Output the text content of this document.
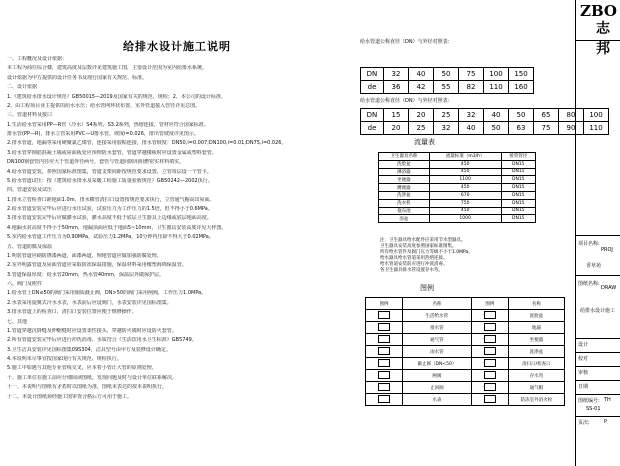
给排水设计施工说明
一、工程概况及设计依据：
本工程为商住综合楼，建筑高度及层数详见建筑施工图，主要设计范围为室内给排水系统。
设计依据为甲方提供的设计任务书及现行国家有关规范、标准。
二、设计依据
1.《建筑给水排水设计规范》GB50015—2019及国家有关的规范、规程；2、本公司的设计标准。
2、由工程项目业主提供的给水水压；给水管网环状布置，室外管道接入管径详见总图。
三、管道材料及接口
1.生活给水管采用PP—R管（冷水）S4系列，S3.2系列，热熔连接，管材应符合国家标准。
排水管(PP—R)，排水立管采用PVC—U排水管，坡度i=0.026，排出管坡度详见图示。
2.排水管道，地漏等采用硬聚氯乙烯管，连接采用胶粘连接，排水管坡度：DN50,i=0.007;DN100,i=0.01;DN75,i=0.026。
3.给水管穿钢筋混凝土墙或屋面板处应预埋防水套管，管道穿越楼板时应设置金属或塑料套管。
DN100钢套管内径应大于管道外径两号，套管与管道间隙用阻燃密实材料填实。
4.给水管道安装，参照国家标准图集，管道支架间距按规范要求设置，立管每层设一个管卡。
5.给水管道试压：按《建筑给水排水及采暖工程施工质量验收规范》GB50242—2002执行。
四、管道安装及试压
1.排水立管检查口距地面1.0m，排水横管清扫口设置按规范要求执行，立管通气帽高出屋面。
2.给水管道安装完毕后应进行水压试验，试验压力为工作压力的1.5倍，但不得小于0.6MPa。
3.排水管道安装完毕后应做灌水试验，灌水高度不低于底层卫生器具上边缘或底层地面高度。
4.地漏水封高度不得小于50mm，地漏顶面应低于地面5~10mm，卫生器具安装高度详见大样图。
5.室内给水管道工作压力为0.90MPa，试验压力1.2MPa，10分钟内压降不得大于0.02MPa。
五、管道防腐及保温
1.明装管道应刷防锈漆两道，面漆两道，埋地管道应做加强防腐处理。
2.室外明露管道及屋面管道应采取防冻保温措施，保温材料采用橡塑海绵保温管。
3.管道保温厚度：给水管20mm，热水管40mm，保温层外做保护层。
六、阀门及附件
1.给水管上DN≤50的阀门采用铜质截止阀，DN>50的阀门采用闸阀，工作压力1.0MPa。
2.水表采用旋翼式冷水水表，水表前后应设阀门，水表安装详见国标图集。
3.排水管道上的检查口、清扫口安装位置应便于维修操作。
七、其他
1.管道穿越沉降缝及伸缩缝时应设置柔性接头，穿越防火墙时应设防火套管。
2.所有管道安装完毕后应进行冲洗消毒，水质符合《生活饮用水卫生标准》GB5749。
3.卫生洁具安装详见国标图集09S304，洁具型号由甲方及装修设计确定。
4.本说明未尽事宜按国家现行有关规范、规程执行。
5.施工中如遇与其他专业管线交叉，应本着小管让大管的原则处理。
十、施工单位在施工前应仔细阅读图纸，发现问题及时与设计单位联系解决。
十一、本说明与图纸有矛盾时以图纸为准，图纸未表达的按本说明执行。
十二、本设计图纸须经施工图审查合格后方可用于施工。
给水管道公称直径（DN）与外径对照表：
DN	32	40	50	75	100	150
de	36	42	55	82	110	160
给水管道公称直径（DN）与外径对照表：
DN	15	20	25	32	40	50	65	80	100
de	20	25	32	40	50	63	75	90	110
流量表
卫生器具名称	流量标准（m3/h）	接管管径
洗脸盆	450	DN15
淋浴器	450	DN15
坐便器	1100	DN15
蹲便器	450	DN15
洗涤盆	670	DN15
洗衣机	750	DN15
拖布池	450	DN15
浴盆	1000	DN15
注：卫生器具给水配件应采用节水型器具。
卫生器具安装高度参照国家标准图集。
所有给水管件及阀门压力等级不小于1.0MPa。
给水器具给水管道采用热熔连接。
给水管道安装前应进行冲洗消毒。
各卫生器具排水管设置存水弯。
图例
图例	名称	图例	名称
	生活给水管		洗脸盆
	排水管		地漏
	通气管		坐便器
	雨水管		洗涤盆
	截止阀（DN<50）		清扫口/检查口
	闸阀		存水弯
	止回阀		通气帽
	水表		防冻室外消火栓
ZBO
志邦
项目名称:
PROJ
香草苑
图纸名称:
DRAW
给排水设计施工
设计
校对
审核
日期
图纸编号: TH
SS-01
页次:	P
